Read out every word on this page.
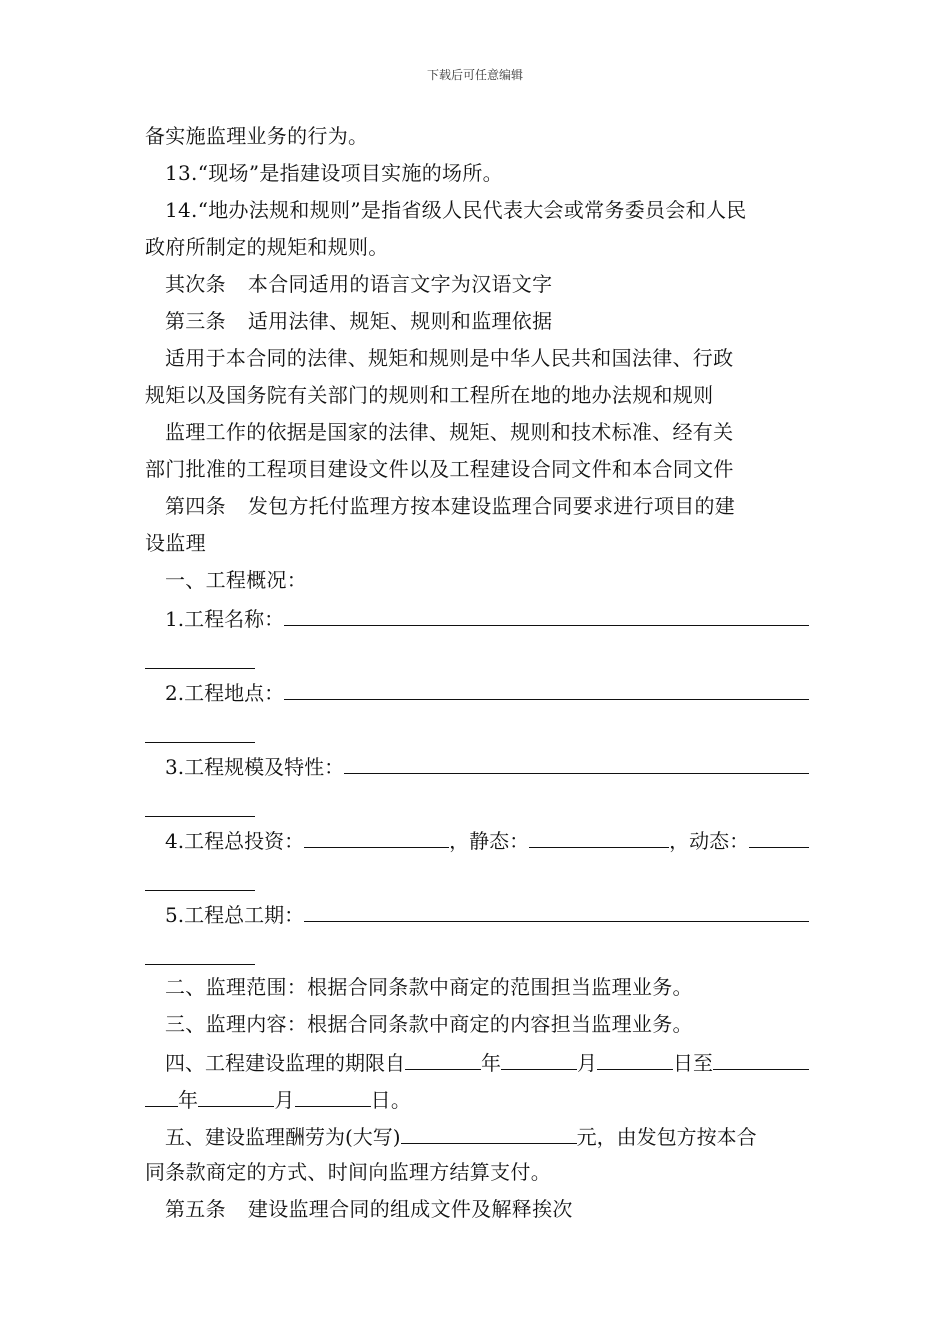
下载后可任意编辑
备实施监理业务的行为。
13.“现场”是指建设项目实施的场所。
14.“地办法规和规则”是指省级人民代表大会或常务委员会和人民
政府所制定的规矩和规则。
其次条 本合同适用的语言文字为汉语文字
第三条 适用法律、规矩、规则和监理依据
适用于本合同的法律、规矩和规则是中华人民共和国法律、行政
规矩以及国务院有关部门的规则和工程所在地的地办法规和规则
监理工作的依据是国家的法律、规矩、规则和技术标准、经有关
部门批准的工程项目建设文件以及工程建设合同文件和本合同文件
第四条 发包方托付监理方按本建设监理合同要求进行项目的建
设监理
一、工程概况：
1.工程名称：
2.工程地点：
3.工程规模及特性：
4.工程总投资：	，静态：	，动态：
5.工程总工期：
二、监理范围：根据合同条款中商定的范围担当监理业务。
三、监理内容：根据合同条款中商定的内容担当监理业务。
四、工程建设监理的期限自	年	月	日至
年	月	日。
五、建设监理酬劳为(大写)	元，由发包方按本合
同条款商定的方式、时间向监理方结算支付。
第五条 建设监理合同的组成文件及解释挨次
